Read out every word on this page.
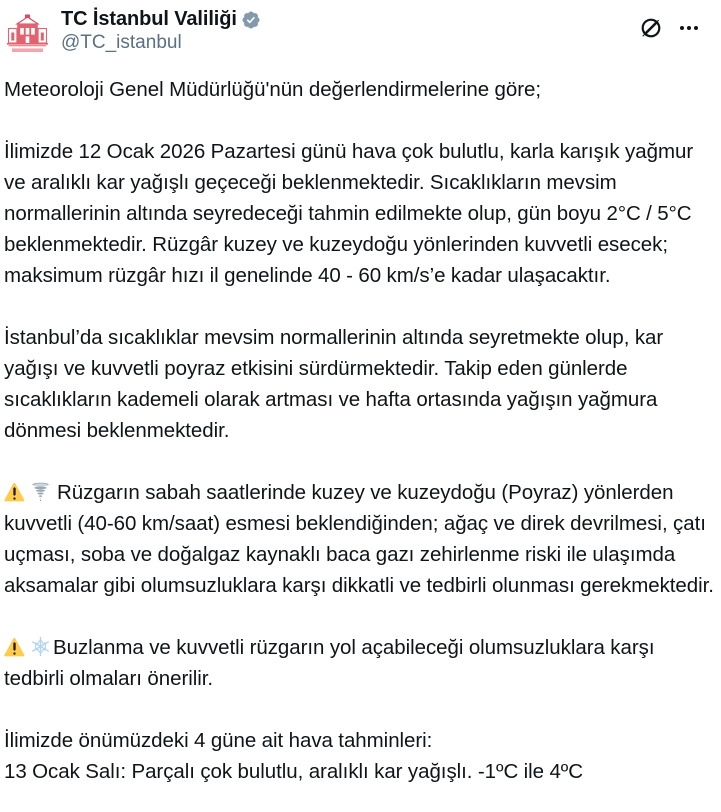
TC İstanbul Valiliği
@TC_istanbul

Meteoroloji Genel Müdürlüğü'nün değerlendirmelerine göre;

İlimizde 12 Ocak 2026 Pazartesi günü hava çok bulutlu, karla karışık yağmur ve aralıklı kar yağışlı geçeceği beklenmektedir. Sıcaklıkların mevsim normallerinin altında seyredeceği tahmin edilmekte olup, gün boyu 2°C / 5°C beklenmektedir. Rüzgâr kuzey ve kuzeydoğu yönlerinden kuvvetli esecek; maksimum rüzgâr hızı il genelinde 40 - 60 km/s’e kadar ulaşacaktır.

İstanbul’da sıcaklıklar mevsim normallerinin altında seyretmekte olup, kar yağışı ve kuvvetli poyraz etkisini sürdürmektedir. Takip eden günlerde sıcaklıkların kademeli olarak artması ve hafta ortasında yağışın yağmura dönmesi beklenmektedir.

Rüzgarın sabah saatlerinde kuzey ve kuzeydoğu (Poyraz) yönlerden kuvvetli (40-60 km/saat) esmesi beklendiğinden; ağaç ve direk devrilmesi, çatı uçması, soba ve doğalgaz kaynaklı baca gazı zehirlenme riski ile ulaşımda aksamalar gibi olumsuzluklara karşı dikkatli ve tedbirli olunması gerekmektedir.

Buzlanma ve kuvvetli rüzgarın yol açabileceği olumsuzluklara karşı tedbirli olmaları önerilir.

İlimizde önümüzdeki 4 güne ait hava tahminleri:

13 Ocak Salı: Parçalı çok bulutlu, aralıklı kar yağışlı. -1ºC ile 4ºC
